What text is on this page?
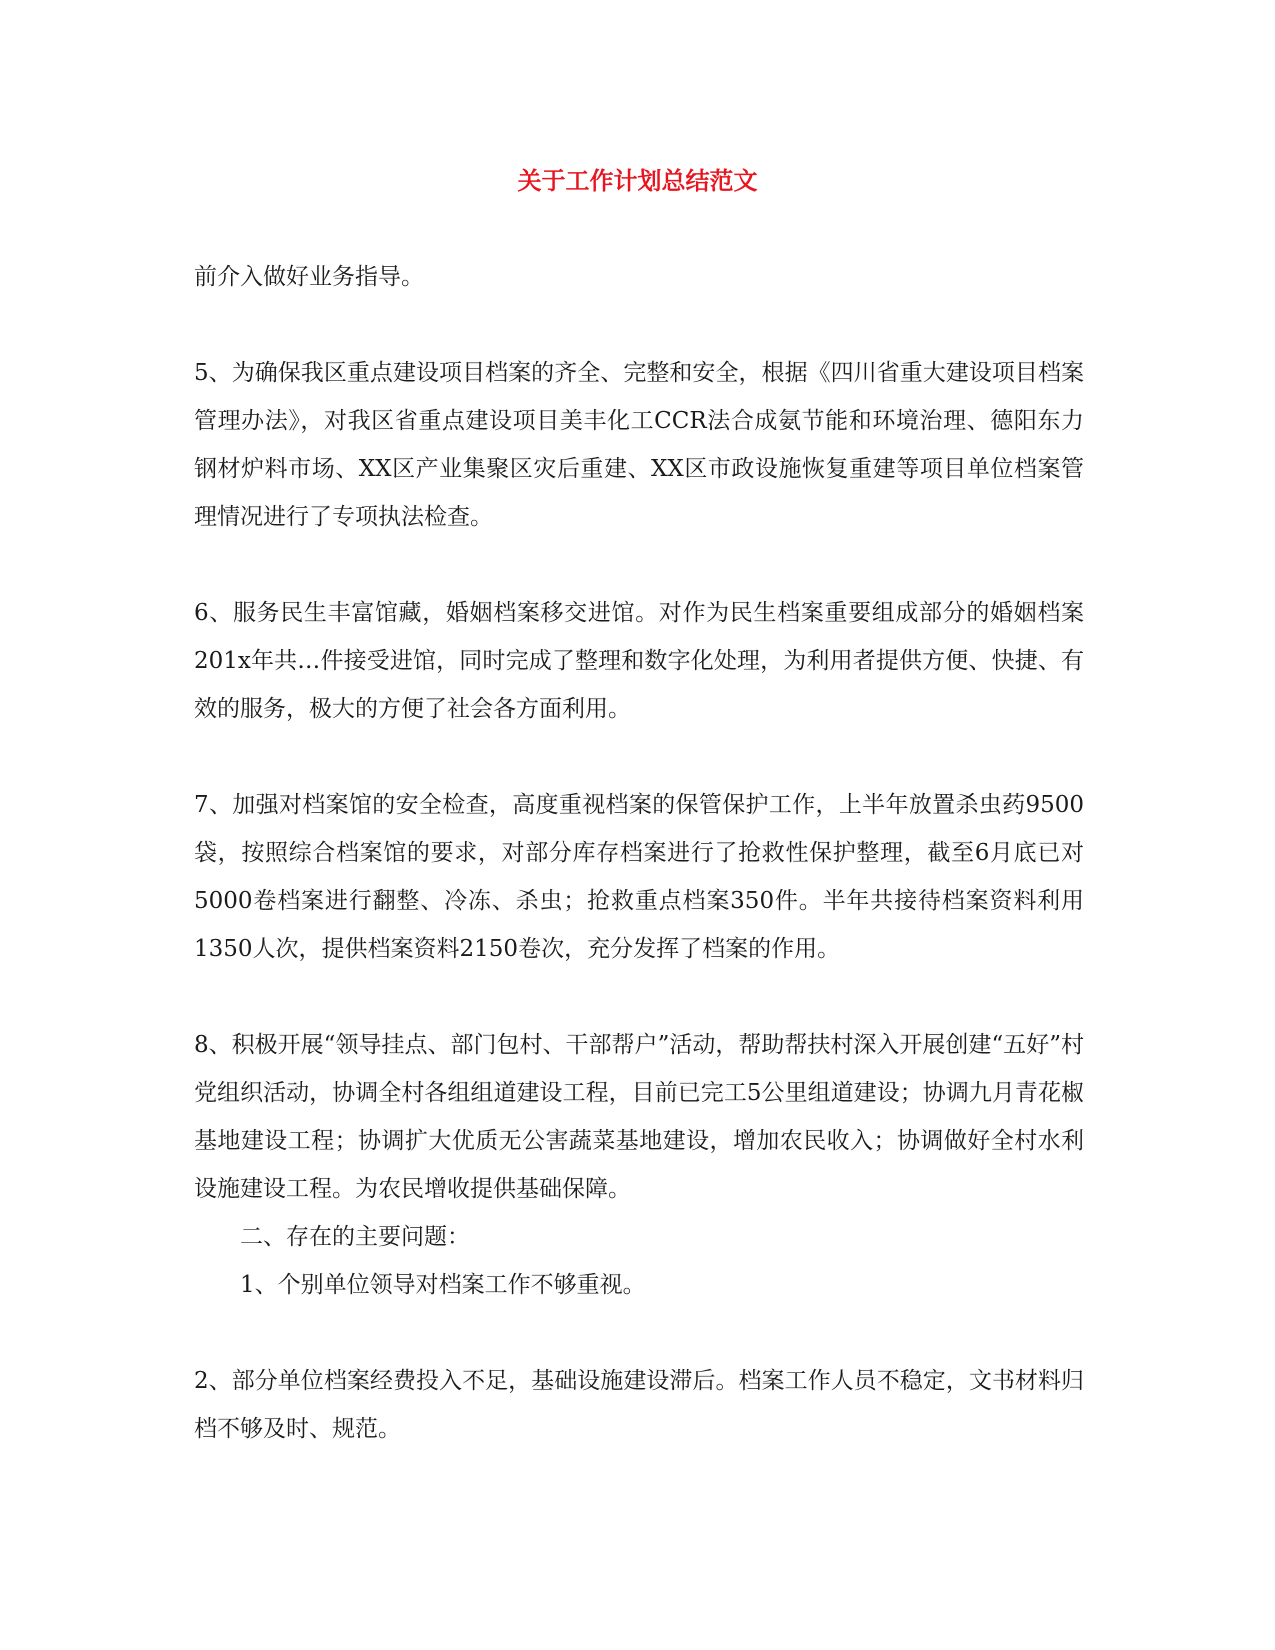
关于工作计划总结范文

前介入做好业务指导。

5、为确保我区重点建设项目档案的齐全、完整和安全，根据《四川省重大建设项目档案管理办法》，对我区省重点建设项目美丰化工CCR法合成氨节能和环境治理、德阳东力钢材炉料市场、XX区产业集聚区灾后重建、XX区市政设施恢复重建等项目单位档案管理情况进行了专项执法检查。

6、服务民生丰富馆藏，婚姻档案移交进馆。对作为民生档案重要组成部分的婚姻档案201x年共…件接受进馆，同时完成了整理和数字化处理，为利用者提供方便、快捷、有效的服务，极大的方便了社会各方面利用。

7、加强对档案馆的安全检查，高度重视档案的保管保护工作，上半年放置杀虫药9500袋，按照综合档案馆的要求，对部分库存档案进行了抢救性保护整理，截至6月底已对5000卷档案进行翻整、冷冻、杀虫；抢救重点档案350件。半年共接待档案资料利用1350人次，提供档案资料2150卷次，充分发挥了档案的作用。

8、积极开展“领导挂点、部门包村、干部帮户”活动，帮助帮扶村深入开展创建“五好”村党组织活动，协调全村各组组道建设工程，目前已完工5公里组道建设；协调九月青花椒基地建设工程；协调扩大优质无公害蔬菜基地建设，增加农民收入；协调做好全村水利设施建设工程。为农民增收提供基础保障。

二、存在的主要问题：

1、个别单位领导对档案工作不够重视。

2、部分单位档案经费投入不足，基础设施建设滞后。档案工作人员不稳定，文书材料归档不够及时、规范。
